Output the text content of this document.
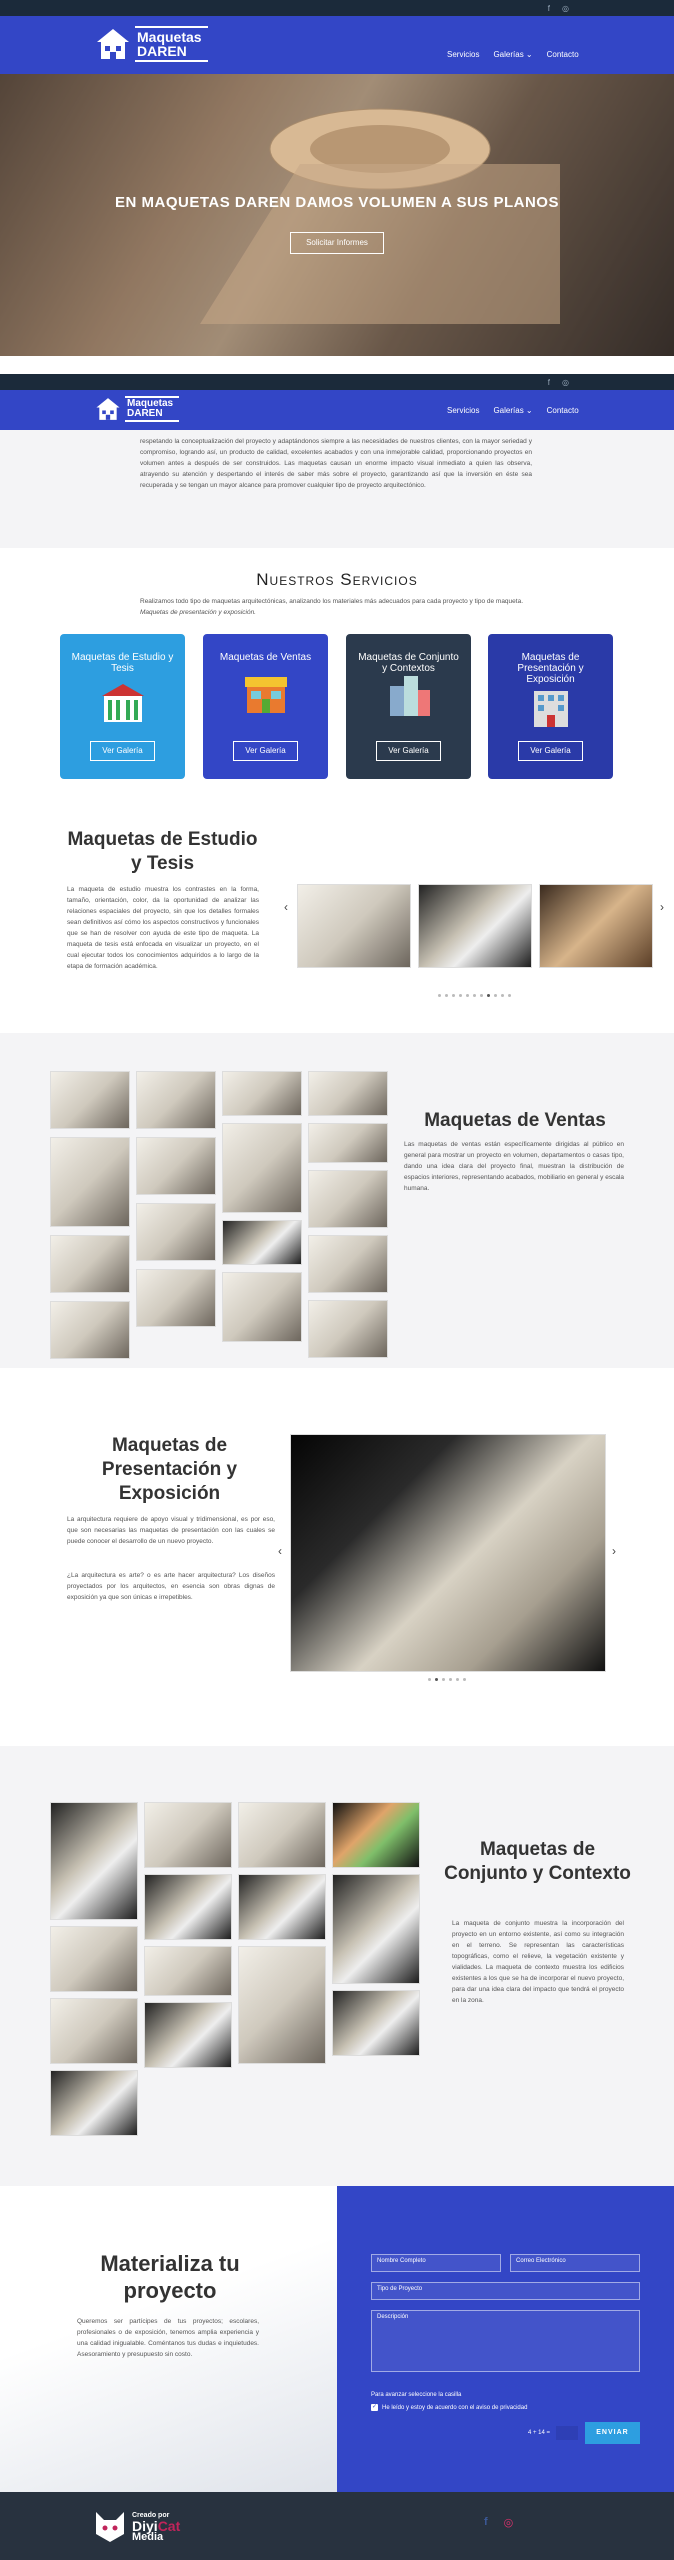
f ◎
Maquetas
DAREN	Servicios Galerías ⌄ Contacto
EN MAQUETAS DAREN DAMOS VOLUMEN A SUS PLANOS
Solicitar Informes
f ◎
Maquetas
DAREN	Servicios Galerías ⌄ Contacto

respetando la conceptualización del proyecto y adaptándonos siempre a las necesidades de nuestros clientes, con la mayor seriedad y compromiso, logrando así, un producto de calidad, excelentes acabados y con una inmejorable calidad, proporcionando proyectos en volumen antes a después de ser construidos. Las maquetas causan un enorme impacto visual inmediato a quien las observa, atrayendo su atención y despertando el interés de saber más sobre el proyecto, garantizando así que la inversión en éste sea recuperada y se tengan un mayor alcance para promover cualquier tipo de proyecto arquitectónico.

Nuestros Servicios

Realizamos todo tipo de maquetas arquitectónicas, analizando los materiales más adecuados para cada proyecto y tipo de maqueta. Maquetas de presentación y exposición.

Maquetas de Estudio y Tesis
Ver Galería
Maquetas de Ventas
Ver Galería
Maquetas de Conjunto y Contextos
Ver Galería
Maquetas de Presentación y Exposición
Ver Galería
Maquetas de Estudio y Tesis

La maqueta de estudio muestra los contrastes en la forma, tamaño, orientación, color, da la oportunidad de analizar las relaciones espaciales del proyecto, sin que los detalles formales sean definitivos así cómo los aspectos constructivos y funcionales que se han de resolver con ayuda de este tipo de maqueta. La maqueta de tesis está enfocada en visualizar un proyecto, en el cual ejecutar todos los conocimientos adquiridos a lo largo de la etapa de formación académica.

‹	›
Maquetas de Ventas

Las maquetas de ventas están específicamente dirigidas al público en general para mostrar un proyecto en volumen, departamentos o casas tipo, dando una idea clara del proyecto final, muestran la distribución de espacios interiores, representando acabados, mobiliario en general y escala humana.

Maquetas de Presentación y Exposición

La arquitectura requiere de apoyo visual y tridimensional, es por eso, que son necesarias las maquetas de presentación con las cuales se puede conocer el desarrollo de un nuevo proyecto.

¿La arquitectura es arte? o es arte hacer arquitectura? Los diseños proyectados por los arquitectos, en esencia son obras dignas de exposición ya que son únicas e irrepetibles.

‹	›
Maquetas de Conjunto y Contexto

La maqueta de conjunto muestra la incorporación del proyecto en un entorno existente, así como su integración en el terreno. Se representan las características topográficas, como el relieve, la vegetación existente y vialidades. La maqueta de contexto muestra los edificios existentes a los que se ha de incorporar el nuevo proyecto, para dar una idea clara del impacto que tendrá el proyecto en la zona.

Materializa tu proyecto

Queremos ser partícipes de tus proyectos; escolares, profesionales o de exposición, tenemos amplia experiencia y una calidad inigualable. Coméntanos tus dudas e inquietudes. Asesoramiento y presupuesto sin costo.

Nombre Completo	Correo Electrónico
Tipo de Proyecto
Descripción
Para avanzar seleccione la casilla
✓ He leído y estoy de acuerdo con el aviso de privacidad
4 + 14 =	ENVIAR
Creado por
DiyiCat
Media
f ◎
